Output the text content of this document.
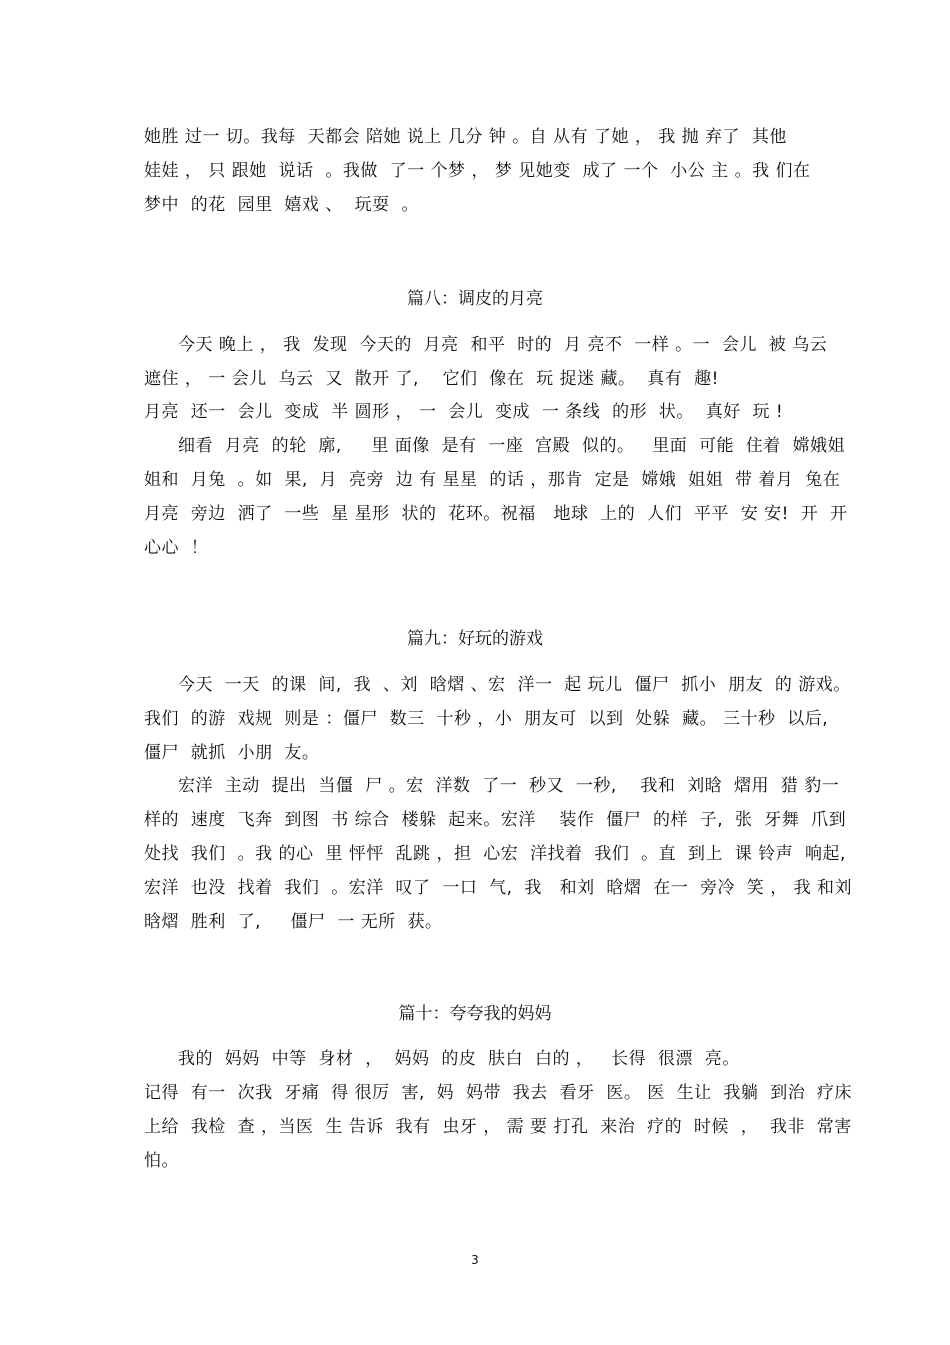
她胜 过一 切。我每  天都会 陪她 说上 几分 钟 。自 从有 了她 ， 我 抛 弃了  其他
娃娃 ， 只 跟她  说话  。我做  了一 个梦 ， 梦 见她变  成了 一个  小公 主 。我 们在
梦中  的花  园里  嬉戏 、  玩耍  。
篇八：调皮的月亮
今天 晚上 ， 我  发现  今天的  月亮  和平  时的  月 亮不  一样 。一  会儿  被 乌云
遮住 ， 一 会儿  乌云  又  散开 了,    它们  像在  玩 捉迷 藏。  真有  趣!
月亮  还一  会儿  变成  半 圆形 ， 一  会儿  变成  一 条线  的形  状。  真好  玩 !
细看  月亮  的轮  廓,     里 面像  是有  一座  宫殿  似的。   里面  可能  住着  嫦娥姐
姐和  月兔  。如  果,  月  亮旁  边 有 星星  的话 ，那肯  定是  嫦娥  姐姐  带 着月  兔在
月亮  旁边  洒了  一些  星 星形  状的  花环。祝福   地球  上的  人们  平平  安 安!  开  开
心心  ！
篇九：好玩的游戏
今天  一天  的课  间,  我  、刘  晗熠 、宏  洋一  起 玩儿  僵尸  抓小  朋友  的 游戏。
我们  的游  戏规  则是 ：僵尸  数三  十秒 ，小  朋友可  以到  处躲  藏。 三十秒  以后,
僵尸  就抓  小朋  友。
宏洋  主动  提出  当僵  尸 。宏  洋数  了一  秒又  一秒,    我和  刘晗  熠用  猎 豹一
样的  速度  飞奔  到图  书 综合  楼躲  起来。宏洋    装作  僵尸  的样  子,  张  牙舞  爪到
处找  我们  。我 的心  里 怦怦  乱跳 ，担  心宏  洋找着  我们  。直  到上  课 铃声  响起,
宏洋  也没  找着  我们  。宏洋  叹了  一口  气,  我   和刘  晗熠  在一  旁冷  笑 ， 我 和刘
晗熠  胜利  了,     僵尸  一 无所  获。
篇十：夸夸我的妈妈
我的  妈妈  中等  身材  ，  妈妈  的皮  肤白  白的 ，   长得  很漂  亮。
记得  有一  次我  牙痛  得 很厉  害,  妈  妈带  我去  看牙  医。 医  生让  我躺  到治  疗床
上给  我检  查 ，当医  生 告诉  我有  虫牙 ， 需 要 打孔  来治  疗的  时候  ，  我非  常害
怕。
3
